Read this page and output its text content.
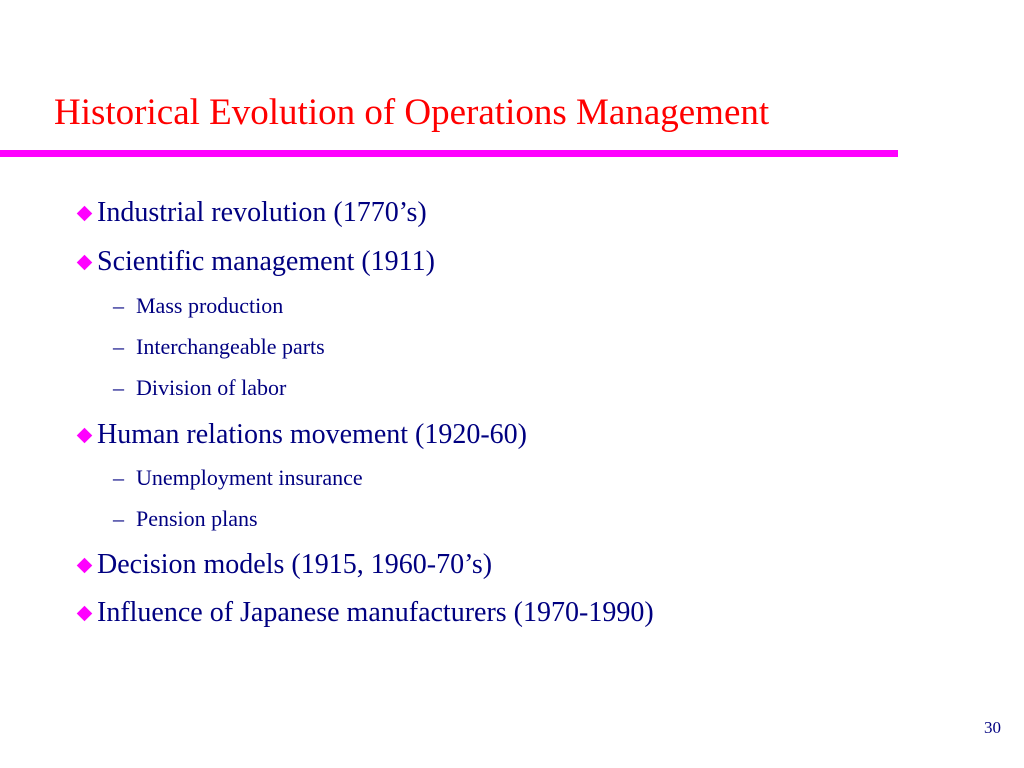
Historical Evolution of Operations Management
Industrial revolution (1770’s)
Scientific management (1911)
– Mass production
– Interchangeable parts
– Division of labor
Human relations movement (1920-60)
– Unemployment insurance
– Pension plans
Decision models (1915, 1960-70’s)
Influence of Japanese manufacturers (1970-1990)
30
